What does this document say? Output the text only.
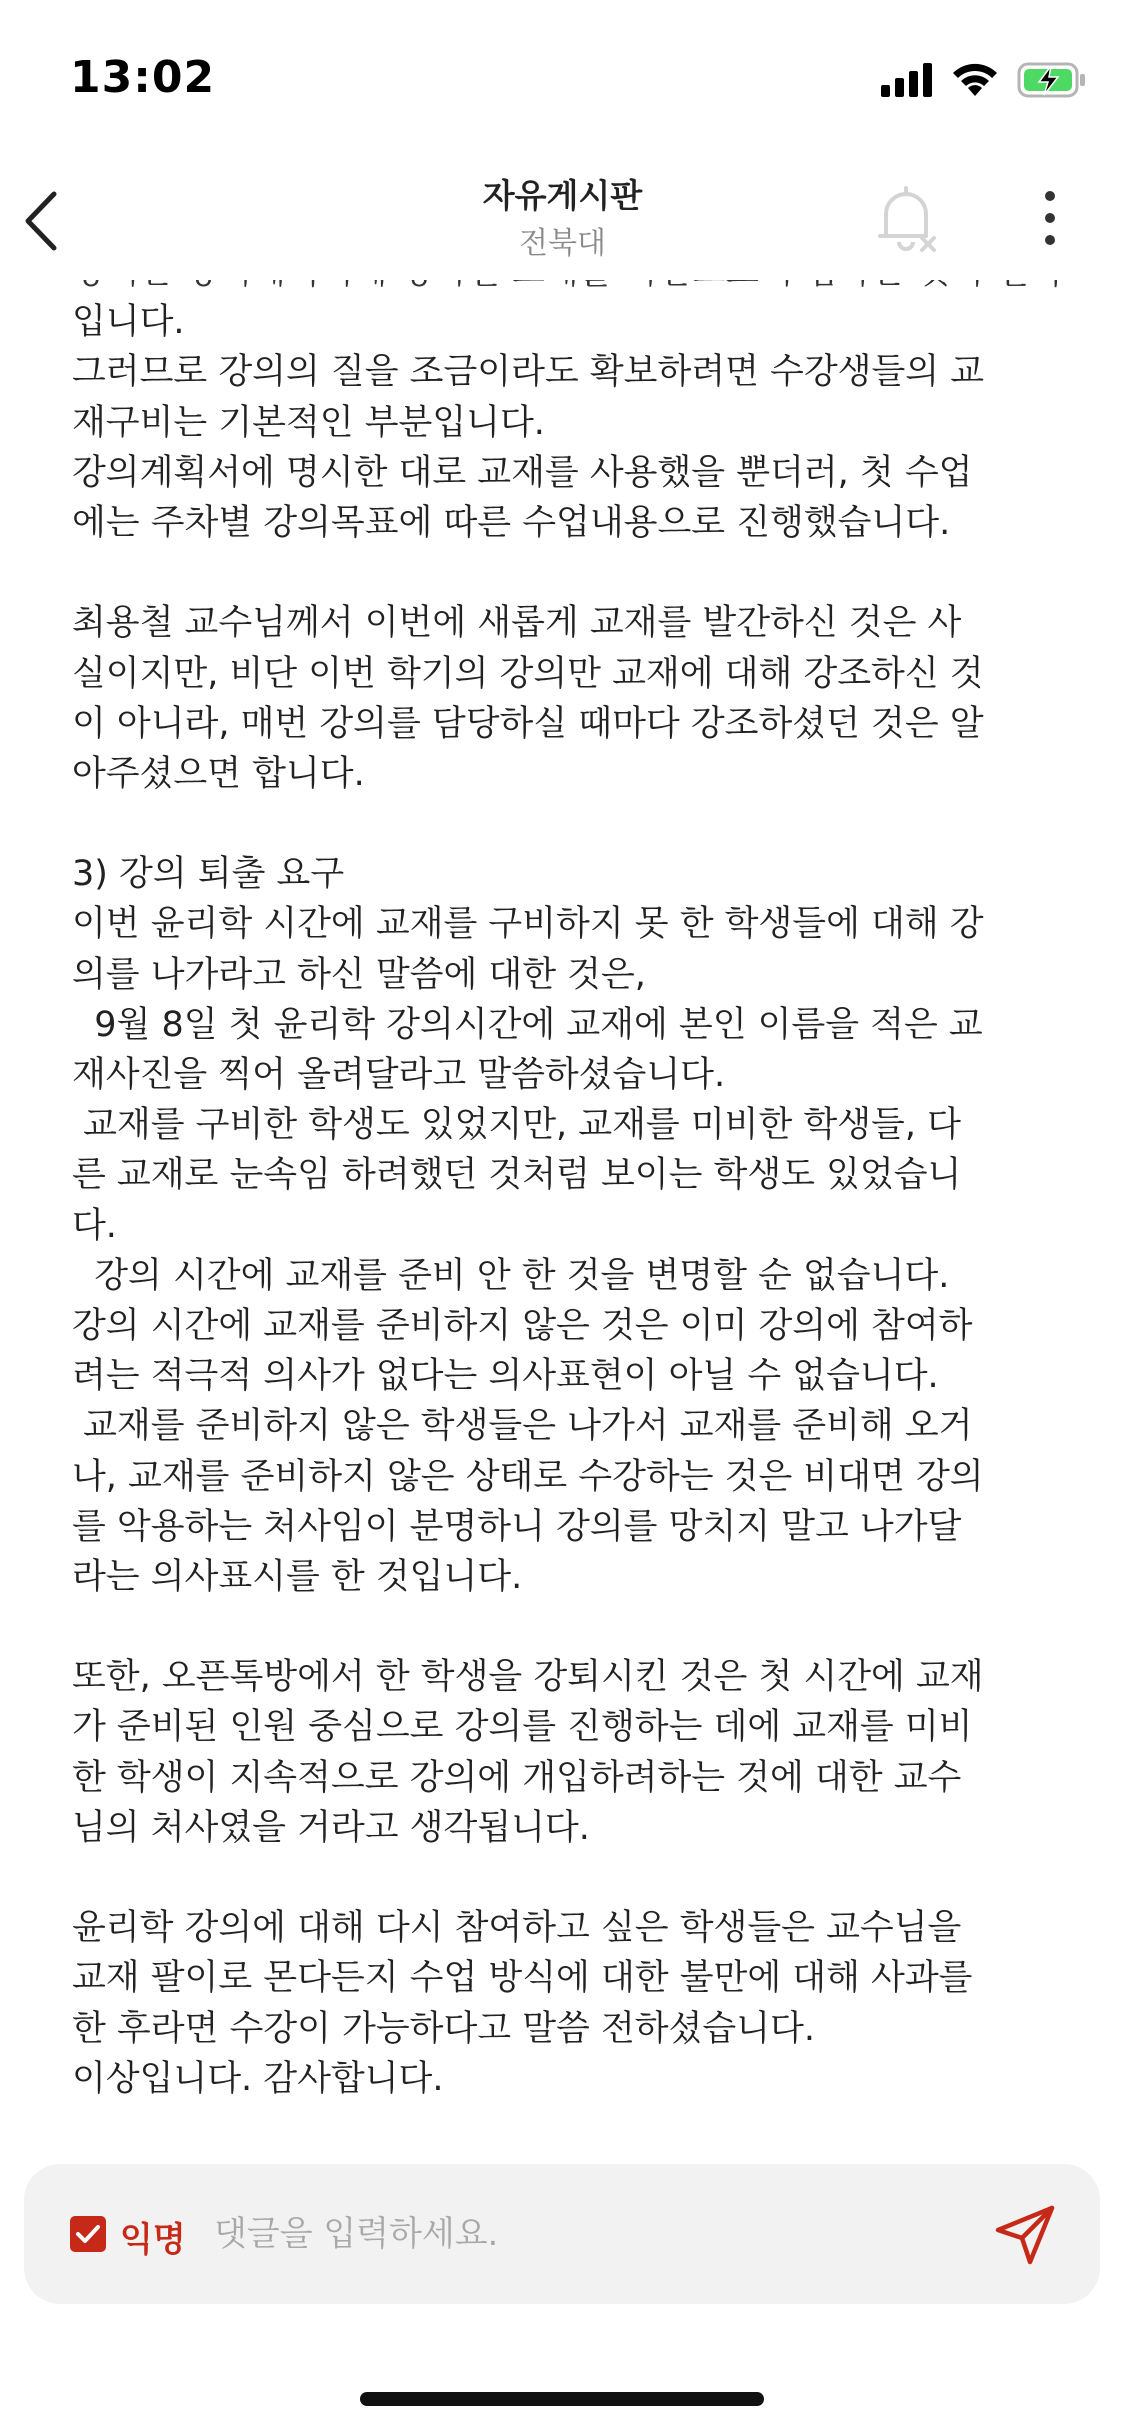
13:02
자유게시판
전북대
입니다.
그러므로 강의의 질을 조금이라도 확보하려면 수강생들의 교
재구비는 기본적인 부분입니다.
강의계획서에 명시한 대로 교재를 사용했을 뿐더러, 첫 수업
에는 주차별 강의목표에 따른 수업내용으로 진행했습니다.
최용철 교수님께서 이번에 새롭게 교재를 발간하신 것은 사
실이지만, 비단 이번 학기의 강의만 교재에 대해 강조하신 것
이 아니라, 매번 강의를 담당하실 때마다 강조하셨던 것은 알
아주셨으면 합니다.
3) 강의 퇴출 요구
이번 윤리학 시간에 교재를 구비하지 못 한 학생들에 대해 강
의를 나가라고 하신 말씀에 대한 것은,
9월 8일 첫 윤리학 강의시간에 교재에 본인 이름을 적은 교
재사진을 찍어 올려달라고 말씀하셨습니다.
교재를 구비한 학생도 있었지만, 교재를 미비한 학생들, 다
른 교재로 눈속임 하려했던 것처럼 보이는 학생도 있었습니
다.
강의 시간에 교재를 준비 안 한 것을 변명할 순 없습니다.
강의 시간에 교재를 준비하지 않은 것은 이미 강의에 참여하
려는 적극적 의사가 없다는 의사표현이 아닐 수 없습니다.
교재를 준비하지 않은 학생들은 나가서 교재를 준비해 오거
나, 교재를 준비하지 않은 상태로 수강하는 것은 비대면 강의
를 악용하는 처사임이 분명하니 강의를 망치지 말고 나가달
라는 의사표시를 한 것입니다.
또한, 오픈톡방에서 한 학생을 강퇴시킨 것은 첫 시간에 교재
가 준비된 인원 중심으로 강의를 진행하는 데에 교재를 미비
한 학생이 지속적으로 강의에 개입하려하는 것에 대한 교수
님의 처사였을 거라고 생각됩니다.
윤리학 강의에 대해 다시 참여하고 싶은 학생들은 교수님을
교재 팔이로 몬다든지 수업 방식에 대한 불만에 대해 사과를
한 후라면 수강이 가능하다고 말씀 전하셨습니다.
이상입니다. 감사합니다.
익명
댓글을 입력하세요.
